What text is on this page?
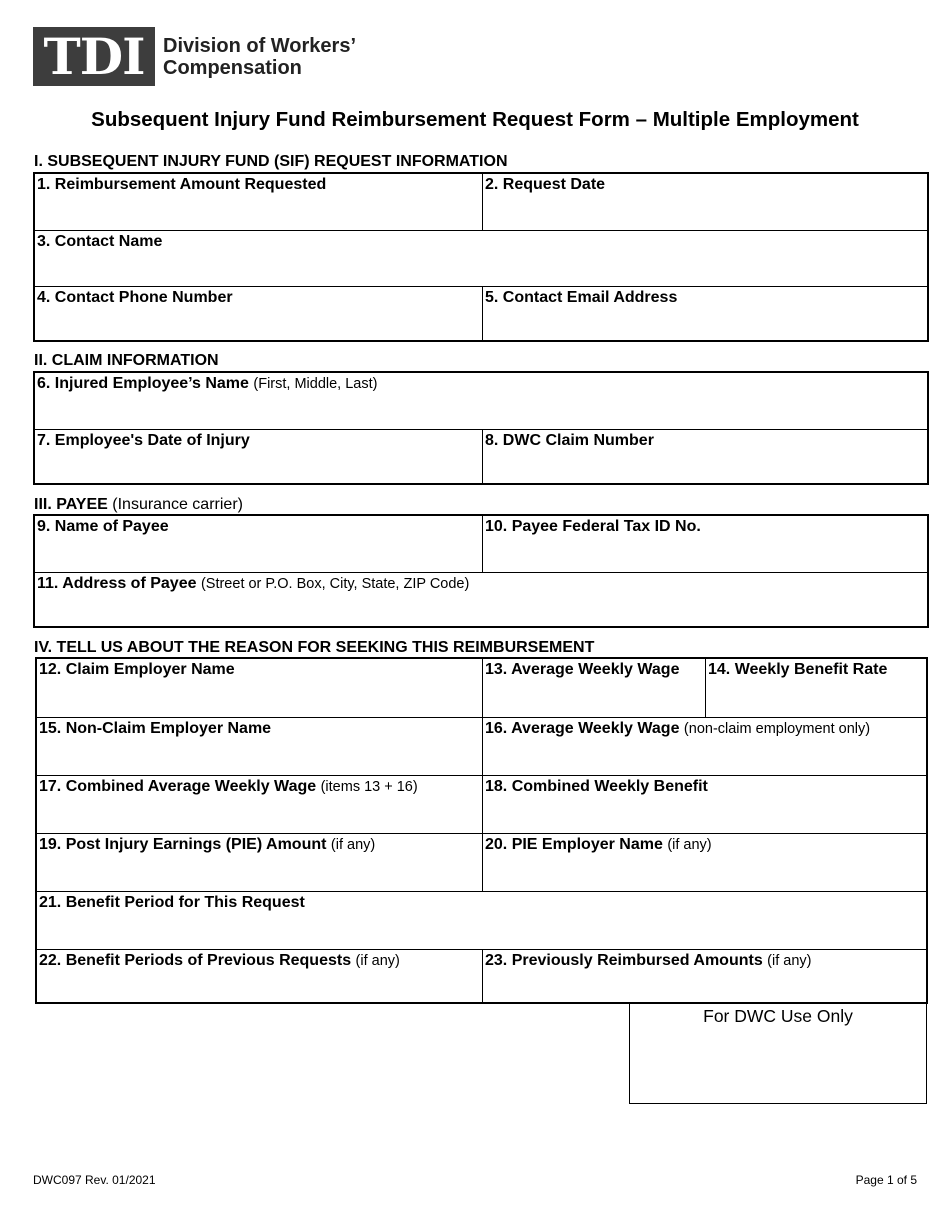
TDI Division of Workers’
Compensation
Subsequent Injury Fund Reimbursement Request Form – Multiple Employment
I. SUBSEQUENT INJURY FUND (SIF) REQUEST INFORMATION
1. Reimbursement Amount Requested	2. Request Date
3. Contact Name
4. Contact Phone Number	5. Contact Email Address
II. CLAIM INFORMATION
6. Injured Employee’s Name (First, Middle, Last)
7. Employee's Date of Injury	8. DWC Claim Number
III. PAYEE (Insurance carrier)
9. Name of Payee	10. Payee Federal Tax ID No.
11. Address of Payee (Street or P.O. Box, City, State, ZIP Code)
IV. TELL US ABOUT THE REASON FOR SEEKING THIS REIMBURSEMENT
12. Claim Employer Name	13. Average Weekly Wage	14. Weekly Benefit Rate
15. Non-Claim Employer Name	16. Average Weekly Wage (non-claim employment only)
17. Combined Average Weekly Wage (items 13 + 16)	18. Combined Weekly Benefit
19. Post Injury Earnings (PIE) Amount (if any)	20. PIE Employer Name (if any)
21. Benefit Period for This Request
22. Benefit Periods of Previous Requests (if any)	23. Previously Reimbursed Amounts (if any)
For DWC Use Only
DWC097 Rev. 01/2021	Page 1 of 5
